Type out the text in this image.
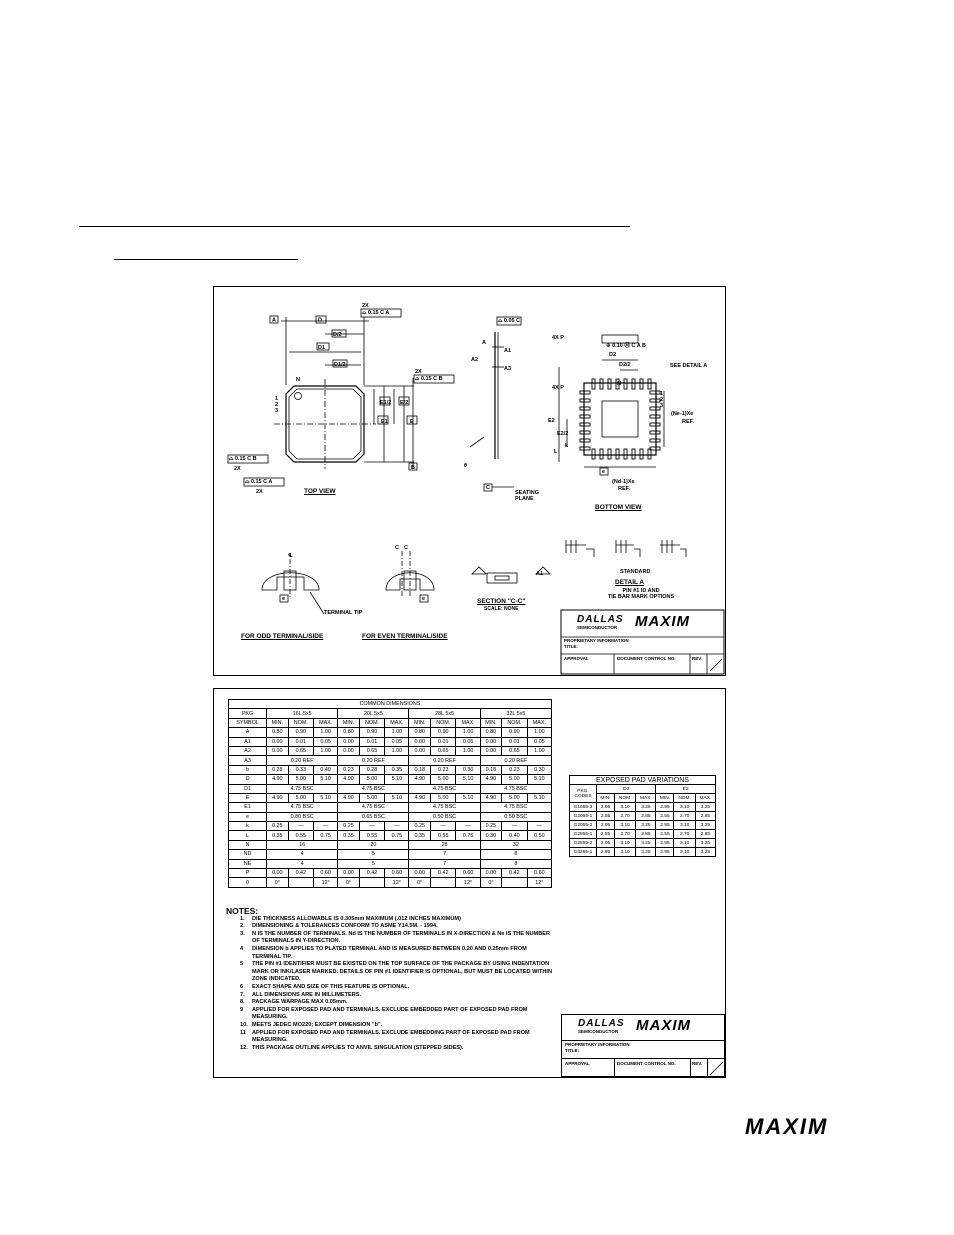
A	D
D/2
D1
D1/2
E1/2 E/2
E1	E
B
⌓ 0.15 C A
⌓ 0.15 C B
⌓ 0.15 C B
⌓ 0.15 C A
2X
2X
2X
2X
N
1
2
3
A
A2
A1
A3
⌓ 0.05 C
C
θ
4X P
4X P
D2
D2/2
⊕ 0.10 Ⓜ C A B
E2
E2/2
L
k
1
2
3
(Ne-1)Xe
REF.
e
(Nd-1)Xe
REF.
N
e	e
℄
C C
A1
TOP VIEW
BOTTOM VIEW
SEE DETAIL A
SEATING
PLANE
STANDARD
DETAIL A
PIN #1 ID AND
TIE BAR MARK OPTIONS
TERMINAL TIP
SECTION "C-C"
SCALE: NONE
FOR ODD TERMINAL/SIDE	FOR EVEN TERMINAL/SIDE
DALLAS
SEMICONDUCTOR MAXIM
PROPRIETARY INFORMATION
TITLE:
APPROVAL	DOCUMENT CONTROL NO.	REV.
COMMON DIMENSIONS												
PKG	16L 5x5			20L 5x5			28L 5x5			32L 5x5		
SYMBOL	MIN.	NOM.	MAX.	MIN.	NOM.	MAX.	MIN.	NOM.	MAX.	MIN.	NOM.	MAX.
A	0.80	0.90	1.00	0.80	0.90	1.00	0.80	0.90	1.00	0.80	0.90	1.00
A1	0.00	0.01	0.05	0.00	0.01	0.05	0.00	0.01	0.05	0.00	0.01	0.05
A2	0.00	0.65	1.00	0.00	0.65	1.00	0.00	0.65	1.00	0.00	0.65	1.00
A3	0.20 REF			0.20 REF			0.20 REF			0.20 REF		
b	0.28	0.33	0.40	0.23	0.28	0.35	0.18	0.23	0.30	0.18	0.23	0.30
D	4.90	5.00	5.10	4.90	5.00	5.10	4.90	5.00	5.10	4.90	5.00	5.10
D1	4.75 BSC			4.75 BSC			4.75 BSC			4.75 BSC		
E	4.90	5.00	5.10	4.90	5.00	5.10	4.90	5.00	5.10	4.90	5.00	5.10
E1	4.75 BSC			4.75 BSC			4.75 BSC			4.75 BSC		
e	0.80 BSC			0.65 BSC			0.50 BSC			0.50 BSC		
k	0.25	—	—	0.25	—	—	0.25	—	—	0.25	—	—
L	0.35	0.55	0.75	0.35	0.55	0.75	0.35	0.55	0.75	0.30	0.40	0.50
N	16			20			28			32		
ND	4			5			7			8		
NE	4			5			7			8		
P	0.00	0.42	0.60	0.00	0.42	0.60	0.00	0.42	0.60	0.00	0.42	0.60
θ	0°		12°	0°		12°	0°		12°	0°		12°
EXPOSED PAD VARIATIONS						
PKG. CODES	D2			E2		
	MIN.	NOM.	MAX.	MIN.	NOM.	MAX.
G1655-3	2.95	3.10	3.25	2.95	3.10	3.25
G2055-1	2.55	2.70	2.85	2.55	2.70	2.85
G2055-2	2.95	3.10	3.25	2.95	3.10	3.25
G2855-1	2.55	2.70	2.85	2.55	2.70	2.85
G2855-2	2.95	3.10	3.25	2.95	3.10	3.25
G3255-1	2.95	3.10	3.25	2.95	3.10	3.25
NOTES:
1. DIE THICKNESS ALLOWABLE IS 0.305mm MAXIMUM (.012 INCHES MAXIMUM)
2. DIMENSIONING & TOLERANCES CONFORM TO ASME Y14.5M. - 1994.
3. N IS THE NUMBER OF TERMINALS. Nd IS THE NUMBER OF TERMINALS IN X-DIRECTION & Ne IS THE NUMBER OF TERMINALS IN Y-DIRECTION.
4 DIMENSION b APPLIES TO PLATED TERMINAL AND IS MEASURED BETWEEN 0.20 AND 0.25mm FROM TERMINAL TIP.
5 THE PIN #1 IDENTIFIER MUST BE EXISTED ON THE TOP SURFACE OF THE PACKAGE BY USING INDENTATION MARK OR INK/LASER MARKED. DETAILS OF PIN #1 IDENTIFIER IS OPTIONAL, BUT MUST BE LOCATED WITHIN ZONE INDICATED.
6 EXACT SHAPE AND SIZE OF THIS FEATURE IS OPTIONAL.
7. ALL DIMENSIONS ARE IN MILLIMETERS.
8. PACKAGE WARPAGE MAX 0.05mm.
9 APPLIED FOR EXPOSED PAD AND TERMINALS. EXCLUDE EMBEDDED PART OF EXPOSED PAD FROM MEASURING.
10. MEETS JEDEC MO220; EXCEPT DIMENSION "b".
11 APPLIED FOR EXPOSED PAD AND TERMINALS. EXCLUDE EMBEDDING PART OF EXPOSED PAD FROM MEASURING.
12. THIS PACKAGE OUTLINE APPLIES TO ANVIL SINGULATION (STEPPED SIDES).
DALLAS
SEMICONDUCTOR MAXIM
PROPRIETARY INFORMATION
TITLE:
APPROVAL	DOCUMENT CONTROL NO.	REV.
MAXIM
